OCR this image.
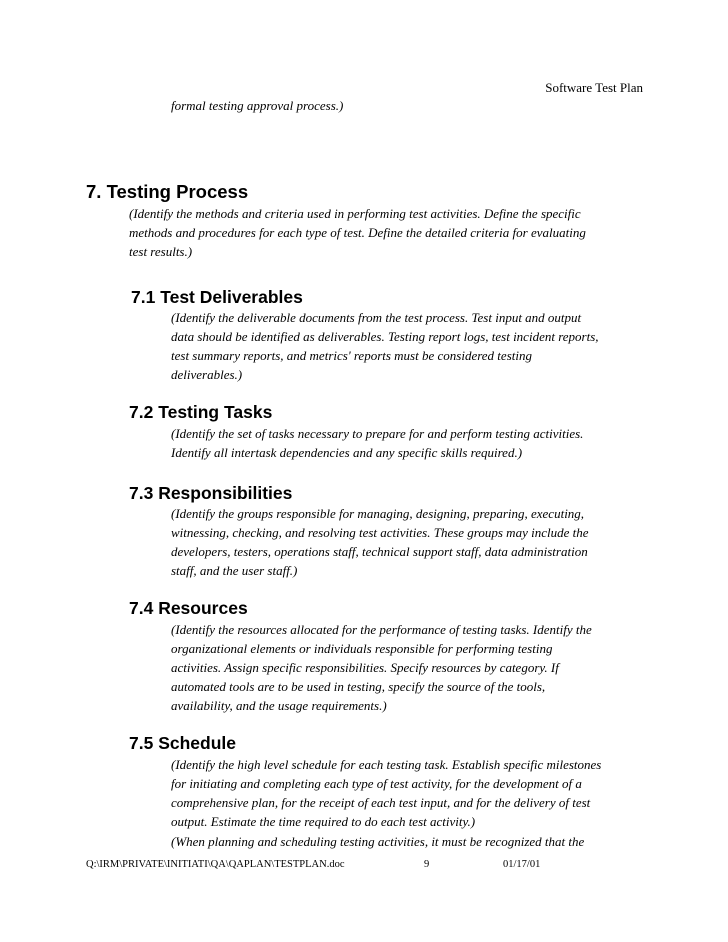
Software Test Plan
formal testing approval process.)
7. Testing Process
(Identify the methods and criteria used in performing test activities. Define the specific
methods and procedures for each type of test. Define the detailed criteria for evaluating
test results.)
7.1 Test Deliverables
(Identify the deliverable documents from the test process. Test input and output
data should be identified as deliverables. Testing report logs, test incident reports,
test summary reports, and metrics' reports must be considered testing
deliverables.)
7.2 Testing Tasks
(Identify the set of tasks necessary to prepare for and perform testing activities.
Identify all intertask dependencies and any specific skills required.)
7.3 Responsibilities
(Identify the groups responsible for managing, designing, preparing, executing,
witnessing, checking, and resolving test activities. These groups may include the
developers, testers, operations staff, technical support staff, data administration
staff, and the user staff.)
7.4 Resources
(Identify the resources allocated for the performance of testing tasks. Identify the
organizational elements or individuals responsible for performing testing
activities. Assign specific responsibilities. Specify resources by category. If
automated tools are to be used in testing, specify the source of the tools,
availability, and the usage requirements.)
7.5 Schedule
(Identify the high level schedule for each testing task. Establish specific milestones
for initiating and completing each type of test activity, for the development of a
comprehensive plan, for the receipt of each test input, and for the delivery of test
output. Estimate the time required to do each test activity.)
(When planning and scheduling testing activities, it must be recognized that the
Q:\IRM\PRIVATE\INITIATI\QA\QAPLAN\TESTPLAN.doc	9	01/17/01
